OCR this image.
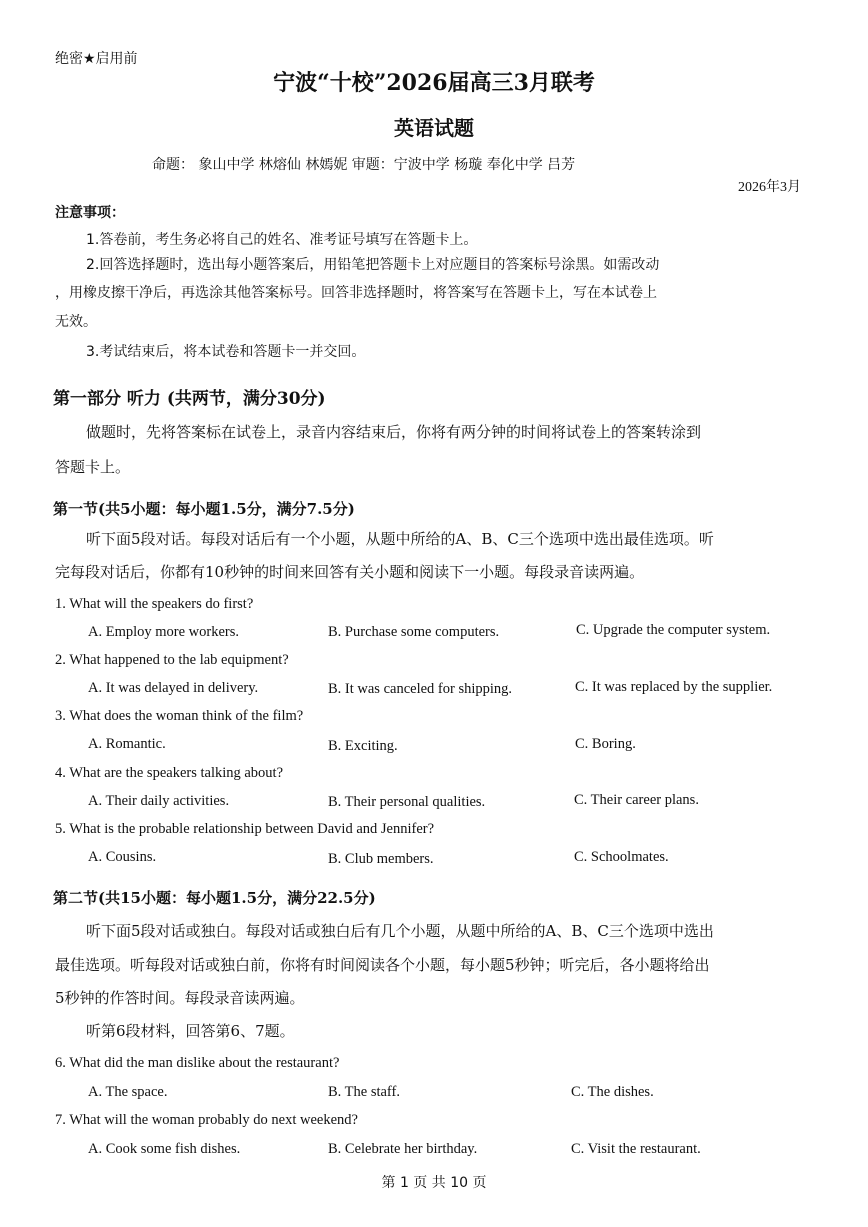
绝密★启用前
宁波“十校”2026届高三3月联考
英语试题
命题： 象山中学 林熔仙 林嫣妮 审题：宁波中学 杨璇 奉化中学 吕芳
2026年3月
注意事项：
1.答卷前，考生务必将自己的姓名、准考证号填写在答题卡上。
2.回答选择题时，选出每小题答案后，用铅笔把答题卡上对应题目的答案标号涂黑。如需改动
，用橡皮擦干净后，再选涂其他答案标号。回答非选择题时，将答案写在答题卡上，写在本试卷上
无效。
3.考试结束后，将本试卷和答题卡一并交回。
第一部分 听力 (共两节，满分30分)
做题时，先将答案标在试卷上，录音内容结束后，你将有两分钟的时间将试卷上的答案转涂到
答题卡上。
第一节(共5小题：每小题1.5分，满分7.5分)
听下面5段对话。每段对话后有一个小题，从题中所给的A、B、C三个选项中选出最佳选项。听
完每段对话后，你都有10秒钟的时间来回答有关小题和阅读下一小题。每段录音读两遍。
1. What will the speakers do first?
A. Employ more workers.	B. Purchase some computers.	C. Upgrade the computer system.
2. What happened to the lab equipment?
A. It was delayed in delivery.	B. It was canceled for shipping.	C. It was replaced by the supplier.
3. What does the woman think of the film?
A. Romantic.	B. Exciting.	C. Boring.
4. What are the speakers talking about?
A. Their daily activities.	B. Their personal qualities.	C. Their career plans.
5. What is the probable relationship between David and Jennifer?
A. Cousins.	B. Club members.	C. Schoolmates.
第二节(共15小题：每小题1.5分，满分22.5分)
听下面5段对话或独白。每段对话或独白后有几个小题，从题中所给的A、B、C三个选项中选出
最佳选项。听每段对话或独白前，你将有时间阅读各个小题，每小题5秒钟；听完后，各小题将给出
5秒钟的作答时间。每段录音读两遍。
听第6段材料，回答第6、7题。
6. What did the man dislike about the restaurant?
A. The space.	B. The staff.	C. The dishes.
7. What will the woman probably do next weekend?
A. Cook some fish dishes.	B. Celebrate her birthday.	C. Visit the restaurant.
第 1 页 共 10 页
